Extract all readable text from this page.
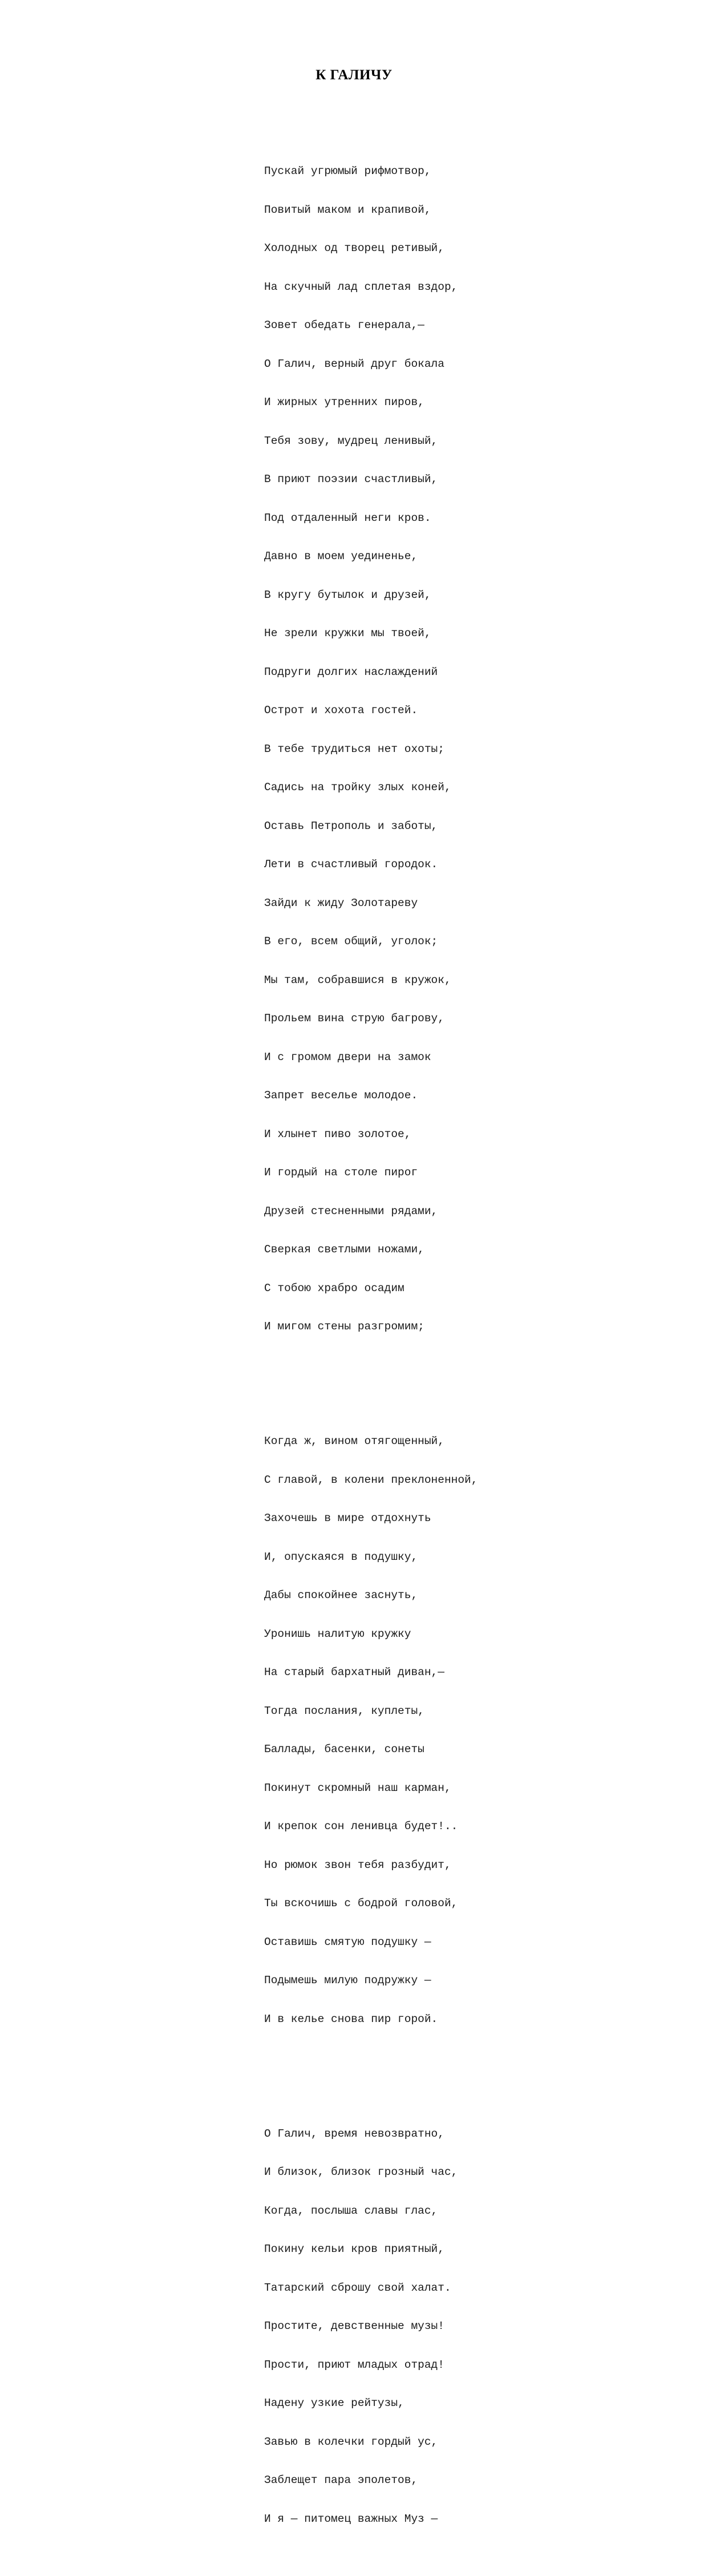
К ГАЛИЧУ

Пускай угрюмый рифмотвор,

Повитый маком и крапивой,

Холодных од творец ретивый,

На скучный лад сплетая вздор,

Зовет обедать генерала,—

О Галич, верный друг бокала

И жирных утренних пиров,

Тебя зову, мудрец ленивый,

В приют поэзии счастливый,

Под отдаленный неги кров.

Давно в моем уединенье,

В кругу бутылок и друзей,

Не зрели кружки мы твоей,

Подруги долгих наслаждений

Острот и хохота гостей.

В тебе трудиться нет охоты;

Садись на тройку злых коней,

Оставь Петрополь и заботы,

Лети в счастливый городок.

Зайди к жиду Золотареву

В его, всем общий, уголок;

Мы там, собравшися в кружок,

Прольем вина струю багрову,

И с громом двери на замок

Запрет веселье молодое.

И хлынет пиво золотое,

И гордый на столе пирог

Друзей стесненными рядами,

Сверкая светлыми ножами,

С тобою храбро осадим

И мигом стены разгромим;

Когда ж, вином отягощенный,

С главой, в колени преклоненной,

Захочешь в мире отдохнуть

И, опускаяся в подушку,

Дабы спокойнее заснуть,

Уронишь налитую кружку

На старый бархатный диван,—

Тогда послания, куплеты,

Баллады, басенки, сонеты

Покинут скромный наш карман,

И крепок сон ленивца будет!..

Но рюмок звон тебя разбудит,

Ты вскочишь с бодрой головой,

Оставишь смятую подушку —

Подымешь милую подружку —

И в келье снова пир горой.

О Галич, время невозвратно,

И близок, близок грозный час,

Когда, послыша славы глас,

Покину кельи кров приятный,

Татарский сброшу свой халат.

Простите, девственные музы!

Прости, приют младых отрад!

Надену узкие рейтузы,

Завью в колечки гордый ус,

Заблещет пара эполетов,

И я — питомец важных Муз —
